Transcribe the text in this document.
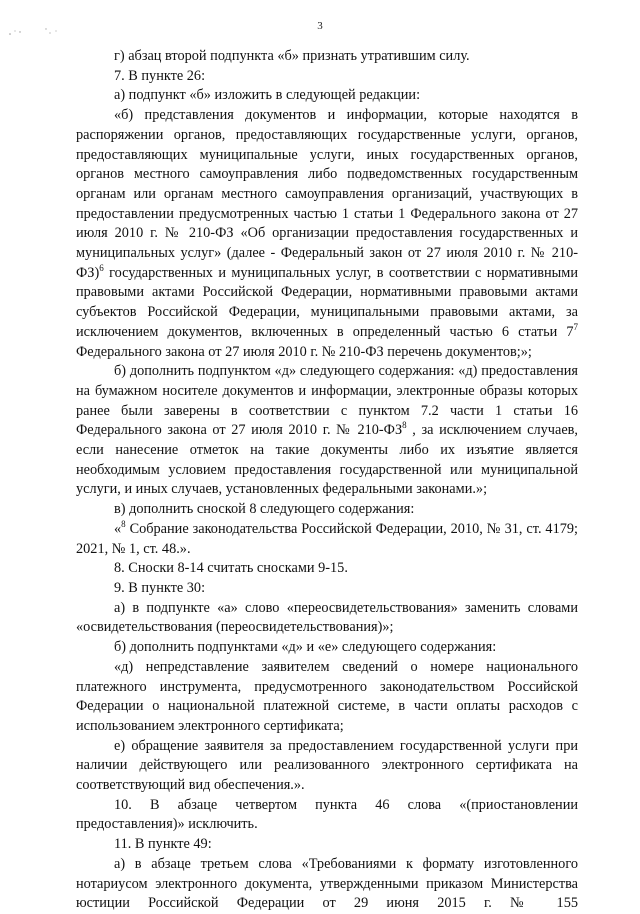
3

г) абзац второй подпункта «б» признать утратившим силу.

7. В пункте 26:

а) подпункт «б» изложить в следующей редакции:

«б) представления документов и информации, которые находятся в распоряжении органов, предоставляющих государственные услуги, органов, предоставляющих муниципальные услуги, иных государственных органов, органов местного самоуправления либо подведомственных государственным органам или органам местного самоуправления организаций, участвующих в предоставлении предусмотренных частью 1 статьи 1 Федерального закона от 27 июля 2010 г. № 210-ФЗ «Об организации предоставления государственных и муниципальных услуг» (далее - Федеральный закон от 27 июля 2010 г. № 210-ФЗ)$^6$ государственных и муниципальных услуг, в соответствии с нормативными правовыми актами Российской Федерации, нормативными правовыми актами субъектов Российской Федерации, муниципальными правовыми актами, за исключением документов, включенных в определенный частью 6 статьи $7^7$ Федерального закона от 27 июля 2010 г. № 210-ФЗ перечень документов;»;

б) дополнить подпунктом «д» следующего содержания: «д) предоставления на бумажном носителе документов и информации, электронные образы которых ранее были заверены в соответствии с пунктом 7.2 части 1 статьи 16 Федерального закона от 27 июля 2010 г. № $210-ФЗ^8$ , за исключением случаев, если нанесение отметок на такие документы либо их изъятие является необходимым условием предоставления государственной или муниципальной услуги, и иных случаев, установленных федеральными законами.»;

в) дополнить сноской 8 следующего содержания:

«$^8$ Собрание законодательства Российской Федерации, 2010, № 31, ст. 4179; 2021, № 1, ст. 48.».

8. Сноски 8-14 считать сносками 9-15.

9. В пункте 30:

а) в подпункте «а» слово «переосвидетельствования» заменить словами «освидетельствования (переосвидетельствования)»;

б) дополнить подпунктами «д» и «е» следующего содержания:

«д) непредставление заявителем сведений о номере национального платежного инструмента, предусмотренного законодательством Российской Федерации о национальной платежной системе, в части оплаты расходов с использованием электронного сертификата;

е) обращение заявителя за предоставлением государственной услуги при наличии действующего или реализованного электронного сертификата на соответствующий вид обеспечения.».

10. В абзаце четвертом пункта 46 слова «(приостановлении предоставления)» исключить.

11. В пункте 49:

а) в абзаце третьем слова «Требованиями к формату изготовленного нотариусом электронного документа, утвержденными приказом Министерства юстиции Российской Федерации от 29 июня 2015 г. № 155
